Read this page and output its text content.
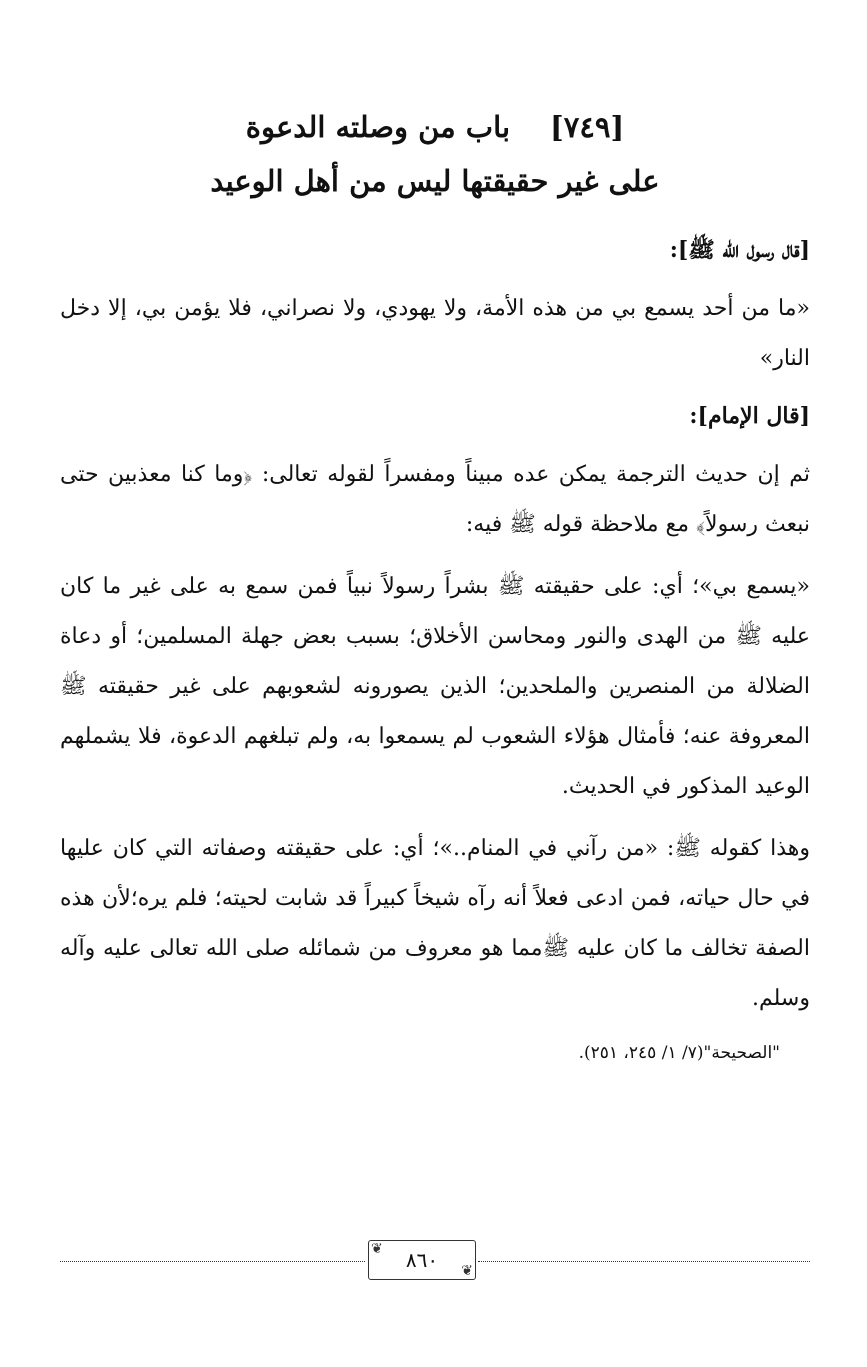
[٧٤٩]باب من وصلته الدعوة
على غير حقيقتها ليس من أهل الوعيد
[قال رسول الله ﷺ]:

«ما من أحد يسمع بي من هذه الأمة، ولا يهودي، ولا نصراني، فلا يؤمن بي، إلا دخل النار»

[قال الإمام]:

ثم إن حديث الترجمة يمكن عده مبيناً ومفسراً لقوله تعالى: ﴿وما كنا معذبين حتى نبعث رسولاً﴾ مع ملاحظة قوله ﷺ فيه:

«يسمع بي»؛ أي: على حقيقته ﷺ بشراً رسولاً نبياً فمن سمع به على غير ما كان عليه ﷺ من الهدى والنور ومحاسن الأخلاق؛ بسبب بعض جهلة المسلمين؛ أو دعاة الضلالة من المنصرين والملحدين؛ الذين يصورونه لشعوبهم على غير حقيقته ﷺ المعروفة عنه؛ فأمثال هؤلاء الشعوب لم يسمعوا به، ولم تبلغهم الدعوة، فلا يشملهم الوعيد المذكور في الحديث.

وهذا كقوله ﷺ: «من رآني في المنام..»؛ أي: على حقيقته وصفاته التي كان عليها في حال حياته، فمن ادعى فعلاً أنه رآه شيخاً كبيراً قد شابت لحيته؛ فلم يره؛لأن هذه الصفة تخالف ما كان عليه ﷺمما هو معروف من شمائله صلى الله تعالى عليه وآله وسلم.

"الصحيحة"(٧/ ١/ ٢٤٥، ٢٥١).
❦ ٨٦٠ ❦
